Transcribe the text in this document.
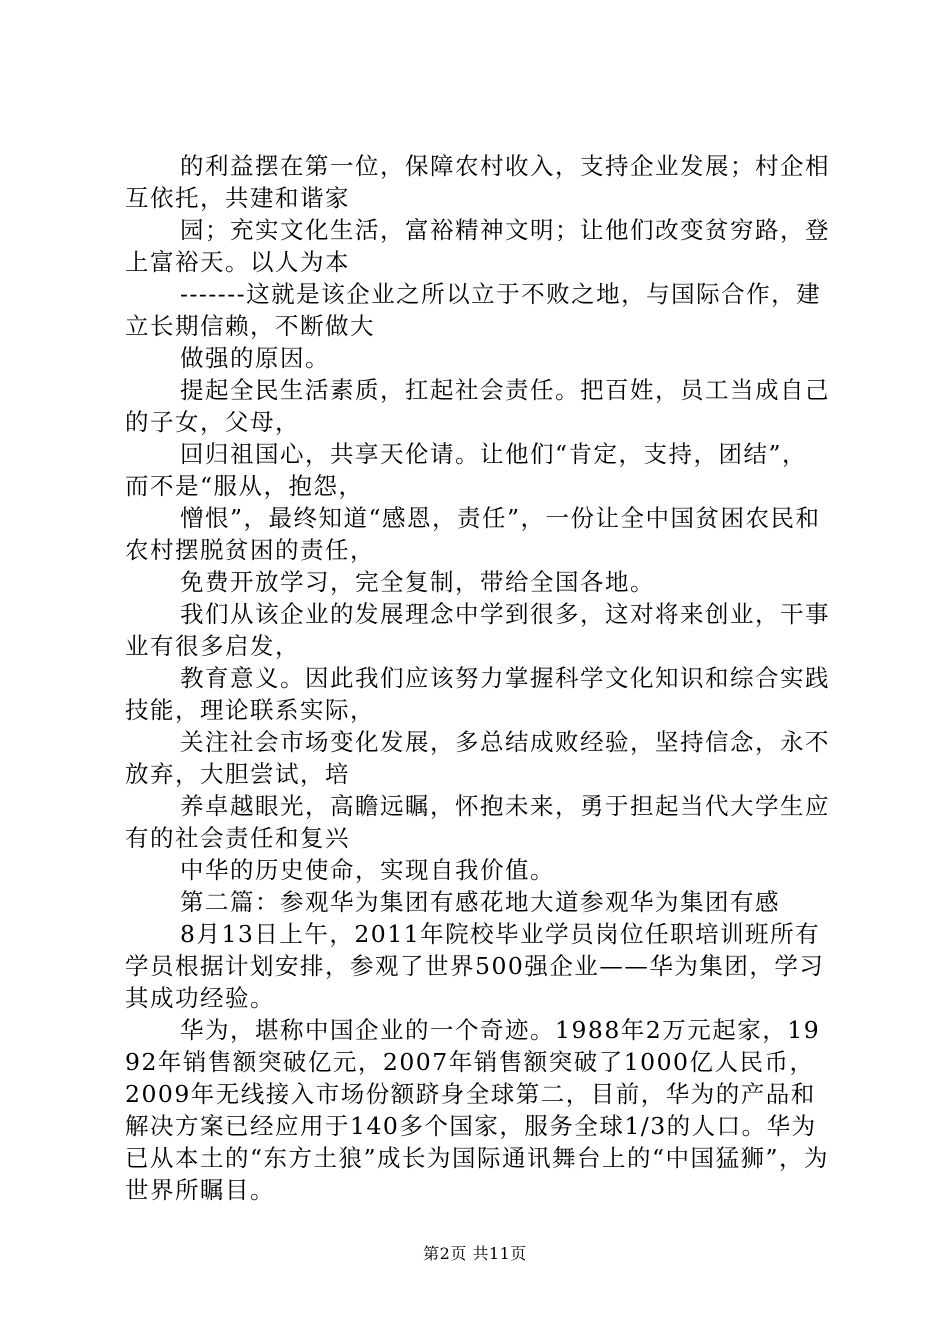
的利益摆在第一位，保障农村收入，支持企业发展；村企相互依托，共建和谐家

园；充实文化生活，富裕精神文明；让他们改变贫穷路，登上富裕天。以人为本

-------这就是该企业之所以立于不败之地，与国际合作，建立长期信赖，不断做大

做强的原因。

提起全民生活素质，扛起社会责任。把百姓，员工当成自己的子女，父母，

回归祖国心，共享天伦请。让他们“肯定，支持，团结”，而不是“服从，抱怨，

憎恨”，最终知道“感恩，责任”，一份让全中国贫困农民和农村摆脱贫困的责任，

免费开放学习，完全复制，带给全国各地。

我们从该企业的发展理念中学到很多，这对将来创业，干事业有很多启发，

教育意义。因此我们应该努力掌握科学文化知识和综合实践技能，理论联系实际，

关注社会市场变化发展，多总结成败经验，坚持信念，永不放弃，大胆尝试，培

养卓越眼光，高瞻远瞩，怀抱未来，勇于担起当代大学生应有的社会责任和复兴

中华的历史使命，实现自我价值。

第二篇：参观华为集团有感花地大道参观华为集团有感

8月13日上午，2011年院校毕业学员岗位任职培训班所有学员根据计划安排，参观了世界500强企业——华为集团，学习其成功经验。

华为，堪称中国企业的一个奇迹。1988年2万元起家，1992年销售额突破亿元，2007年销售额突破了1000亿人民币，2009年无线接入市场份额跻身全球第二，目前，华为的产品和解决方案已经应用于140多个国家，服务全球1/3的人口。华为已从本土的“东方土狼”成长为国际通讯舞台上的“中国猛狮”，为世界所瞩目。

第2页 共11页
